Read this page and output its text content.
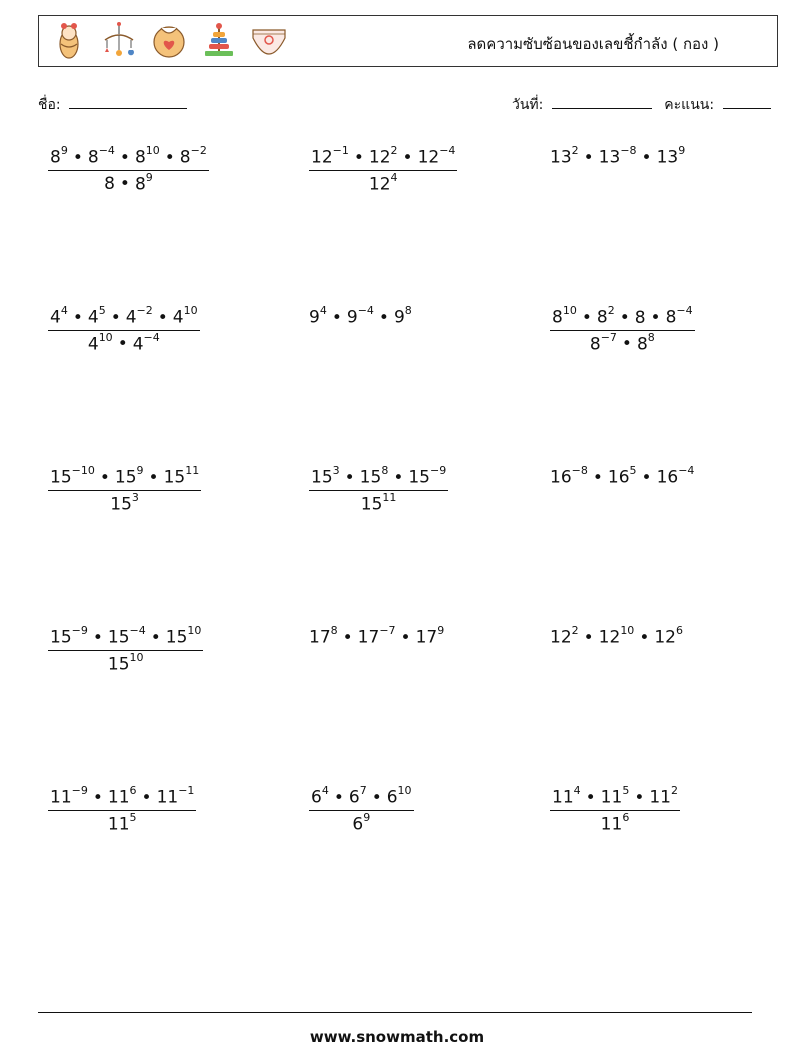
ลดความซับซ้อนของเลขชี้กำลัง ( กอง )
ชื่อ:	วันที่:	คะแนน:
$\frac{8^9 • 8^{-4} • 8^{10} • 8^{-2}}{8 • 8^9}$	$\frac{12^{-1} • 12^2 • 12^{-4}}{12^4}$	$13^2$ • $13^{-8}$ • $13^9$
$\frac{4^4 • 4^5 • 4^{-2} • 4^{10}}{4^{10} • 4^{-4}}$	$9^4$ • $9^{-4}$ • $9^8$	$\frac{8^{10} • 8^2 • 8 • 8^{-4}}{8^{-7} • 8^8}$
$\frac{15^{-10} • 15^9 • 15^{11}}{15^3}$	$\frac{15^3 • 15^8 • 15^{-9}}{15^{11}}$	$16^{-8}$ • $16^5$ • $16^{-4}$
$\frac{15^{-9} • 15^{-4} • 15^{10}}{15^{10}}$	$17^8$ • $17^{-7}$ • $17^9$	$12^2$ • $12^{10}$ • $12^6$
$\frac{11^{-9} • 11^6 • 11^{-1}}{11^5}$	$\frac{6^4 • 6^7 • 6^{10}}{6^9}$	$\frac{11^4 • 11^5 • 11^2}{11^6}$
www.snowmath.com
